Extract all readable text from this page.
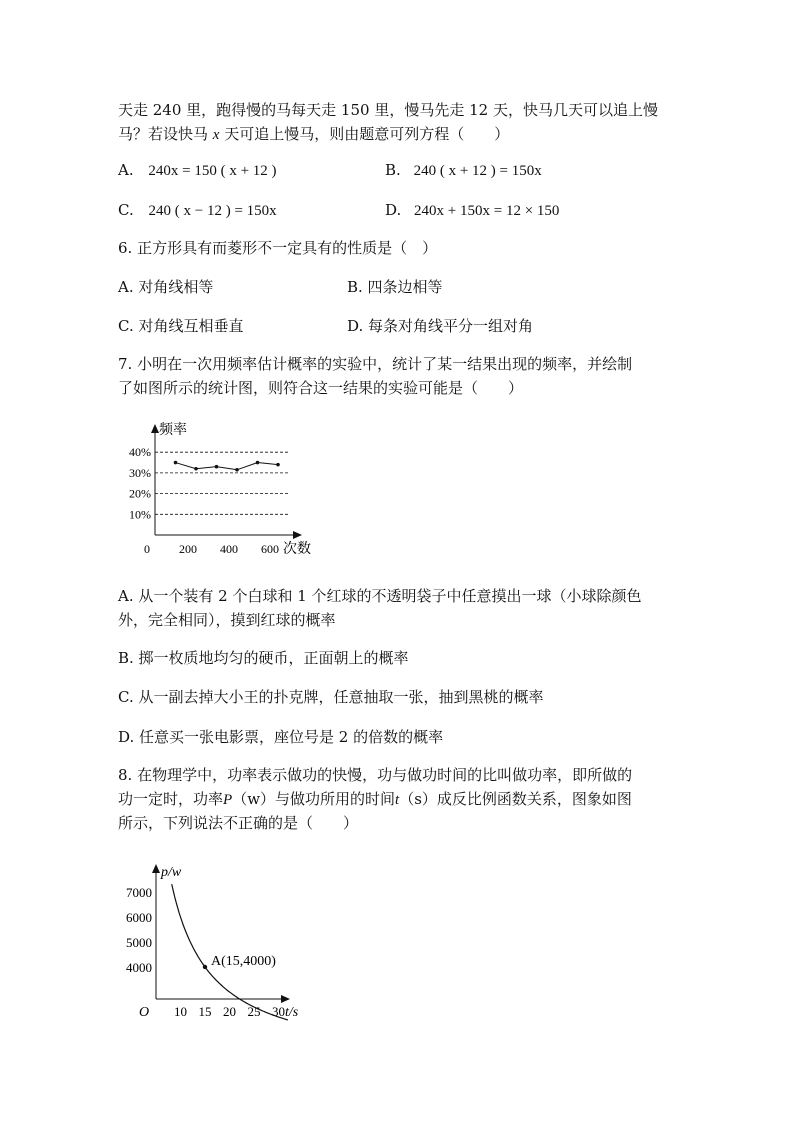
天走 240 里，跑得慢的马每天走 150 里，慢马先走 12 天，快马几天可以追上慢
马？若设快马 x 天可追上慢马，则由题意可列方程（　　）
A. 240x = 150 ( x + 12 )	B. 240 ( x + 12 ) = 150x
C. 240 ( x − 12 ) = 150x	D. 240x + 150x = 12 × 150
6. 正方形具有而菱形不一定具有的性质是（　）
A. 对角线相等	B. 四条边相等
C. 对角线互相垂直	D. 每条对角线平分一组对角
7. 小明在一次用频率估计概率的实验中，统计了某一结果出现的频率，并绘制
了如图所示的统计图，则符合这一结果的实验可能是（　　）
频率
次数
10%
20%
30%
40%
0 200 400 600
A. 从一个装有 2 个白球和 1 个红球的不透明袋子中任意摸出一球（小球除颜色
外，完全相同），摸到红球的概率
B. 掷一枚质地均匀的硬币，正面朝上的概率
C. 从一副去掉大小王的扑克牌，任意抽取一张，抽到黑桃的概率
D. 任意买一张电影票，座位号是 2 的倍数的概率
8. 在物理学中，功率表示做功的快慢，功与做功时间的比叫做功率，即所做的
功一定时，功率P（w）与做功所用的时间t（s）成反比例函数关系，图象如图
所示，下列说法不正确的是（　　）
p/w
O	t/s
4000
5000
6000
7000
10 15 20 25 30
A(15,4000)
